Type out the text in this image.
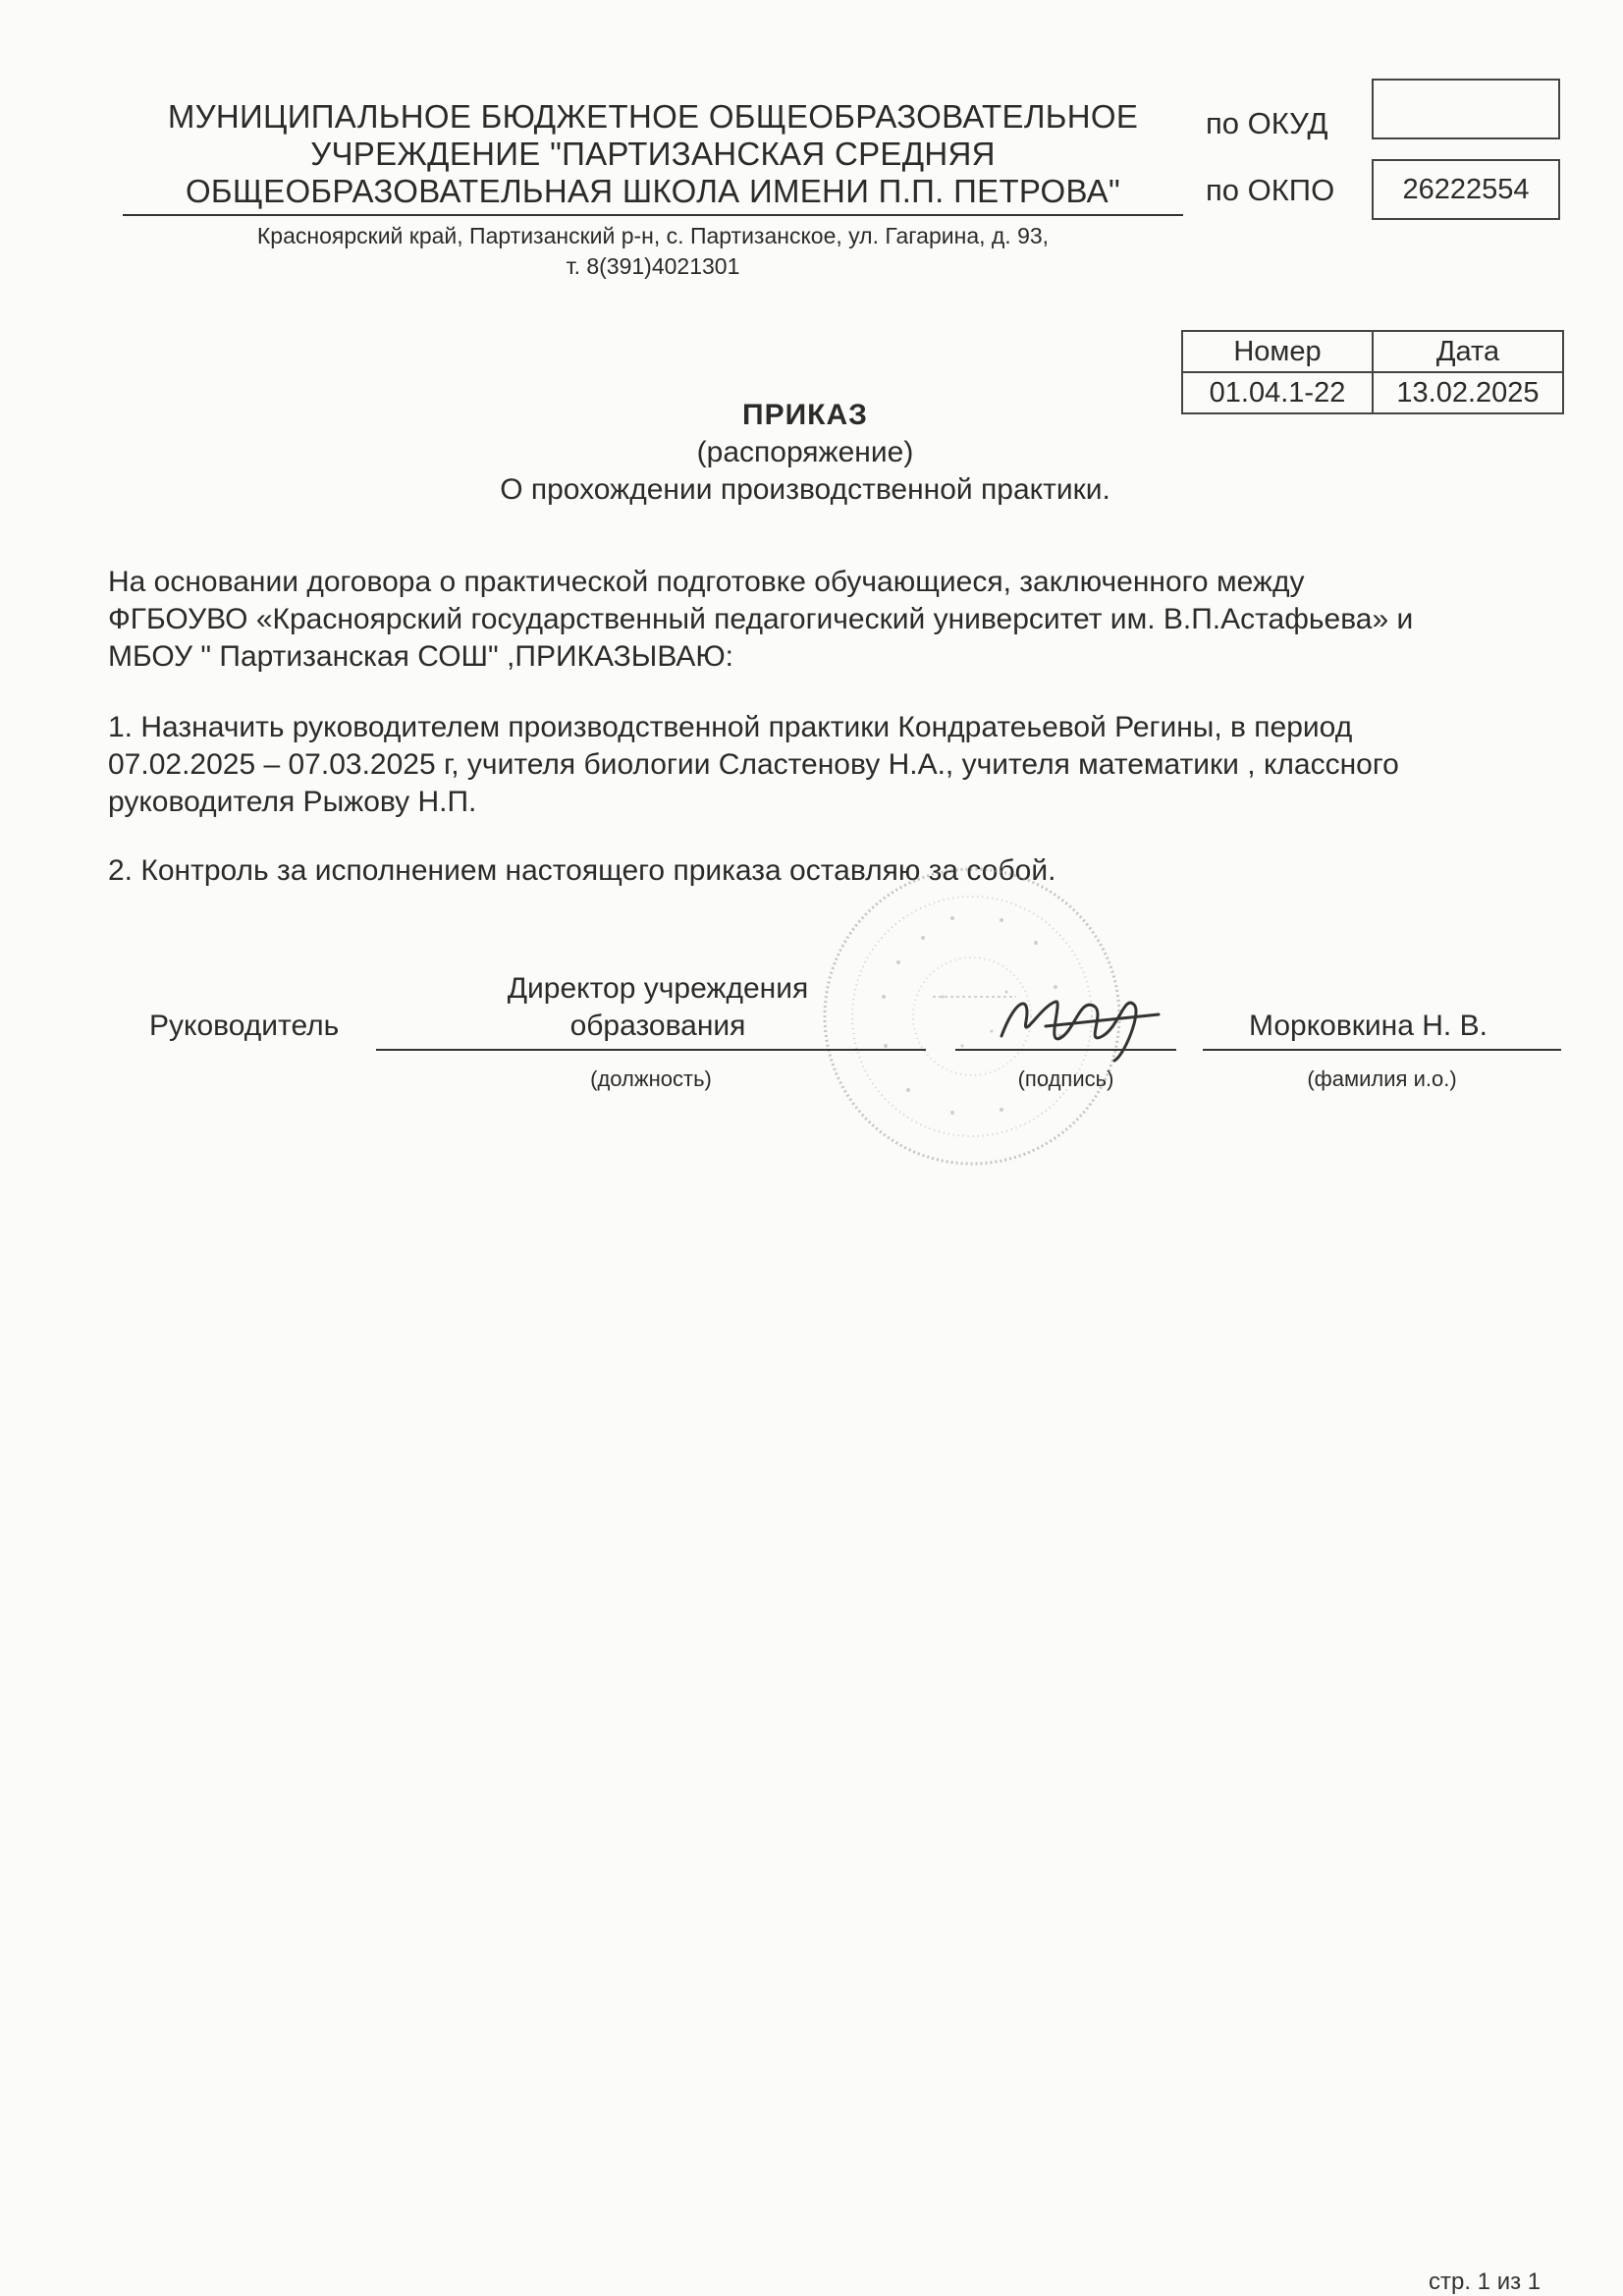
МУНИЦИПАЛЬНОЕ БЮДЖЕТНОЕ ОБЩЕОБРАЗОВАТЕЛЬНОЕ
УЧРЕЖДЕНИЕ "ПАРТИЗАНСКАЯ СРЕДНЯЯ
ОБЩЕОБРАЗОВАТЕЛЬНАЯ ШКОЛА ИМЕНИ П.П. ПЕТРОВА"
Красноярский край, Партизанский р-н, с. Партизанское, ул. Гагарина, д. 93,
т. 8(391)4021301
по ОКУД
по ОКПО	26222554
Номер	Дата
01.04.1-22	13.02.2025
ПРИКАЗ
(распоряжение)
О прохождении производственной практики.

На основании договора о практической подготовке обучающиеся, заключенного между

ФГБОУВО «Красноярский государственный педагогический университет им. В.П.Астафьева» и

МБОУ " Партизанская СОШ" ,ПРИКАЗЫВАЮ:

1. Назначить руководителем производственной практики Кондратеьевой Регины, в период

07.02.2025 – 07.03.2025 г, учителя биологии Сластенову Н.А., учителя математики , классного

руководителя Рыжову Н.П.

2. Контроль за исполнением настоящего приказа оставляю за собой.

Руководитель
Директор учреждения
образования	Морковкина Н. В.
(должность)	(подпись)	(фамилия и.о.)
стр. 1 из 1
